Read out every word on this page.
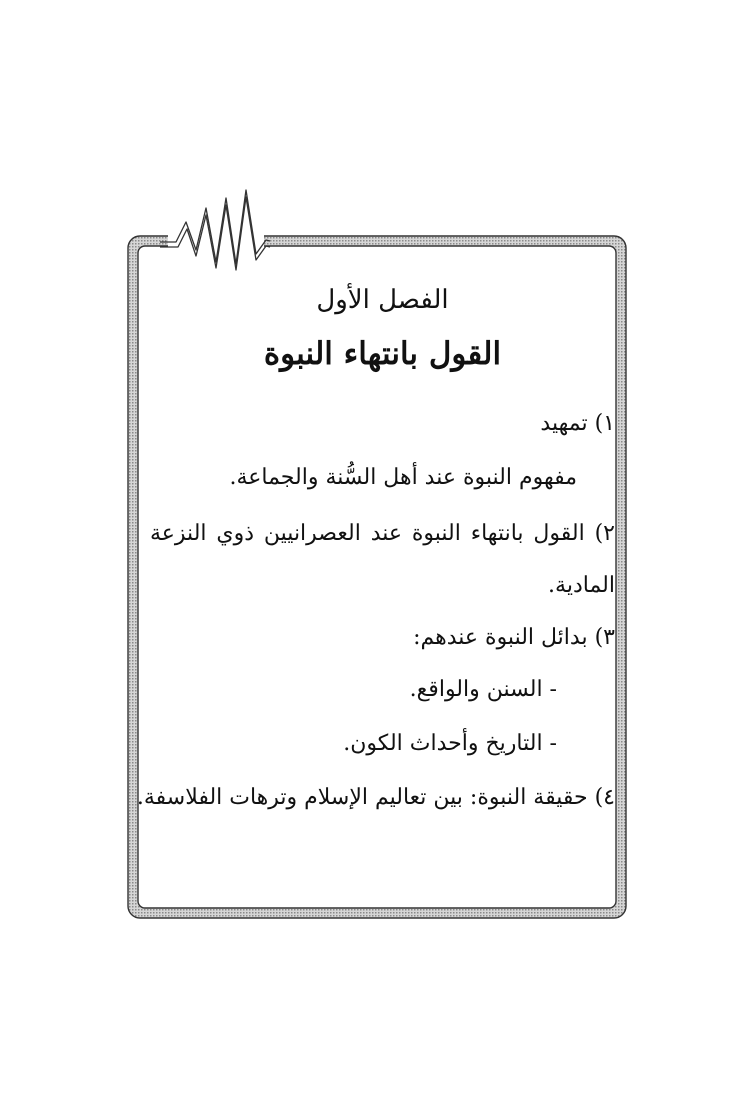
الفصل الأول
القول بانتهاء النبوة
١) تمهيد
مفهوم النبوة عند أهل السُّنة والجماعة.
٢) القول بانتهاء النبوة عند العصرانيين ذوي النزعة
المادية.
٣) بدائل النبوة عندهم:
- السنن والواقع.
- التاريخ وأحداث الكون.
٤) حقيقة النبوة: بين تعاليم الإسلام وترهات الفلاسفة.
